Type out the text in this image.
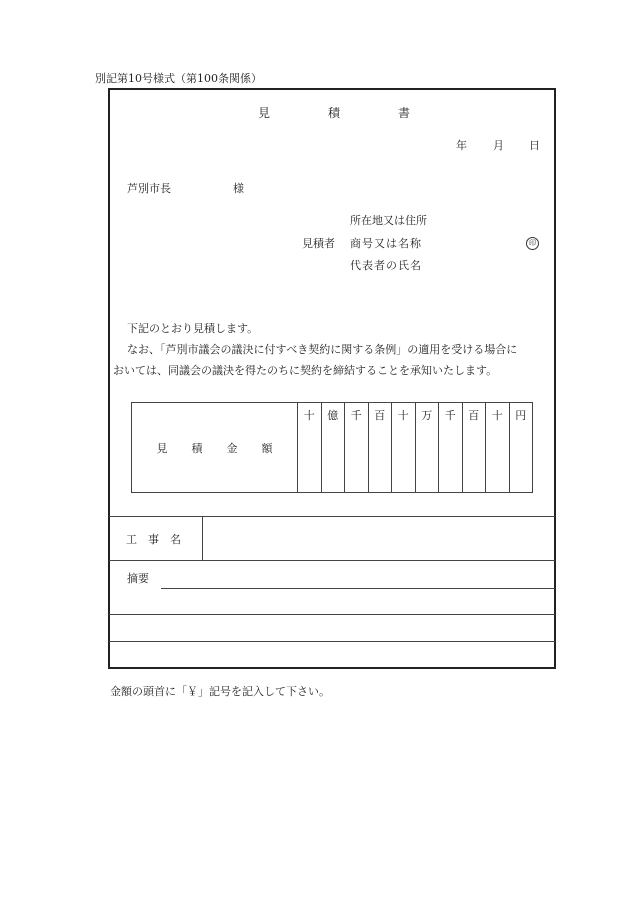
別記第10号様式（第100条関係）
見	積	書
年 月 日
芦別市長	様
所在地又は住所
見積者 商号又は名称
代表者の氏名
印
下記のとおり見積します。
なお、「芦別市議会の議決に付すべき契約に関する条例」の適用を受ける場合に
おいては、同議会の議決を得たのちに契約を締結することを承知いたします。
見 積 金 額	十	億	千	百	十	万	千	百	十	円
工　事　名
摘要
金額の頭首に「￥」記号を記入して下さい。
